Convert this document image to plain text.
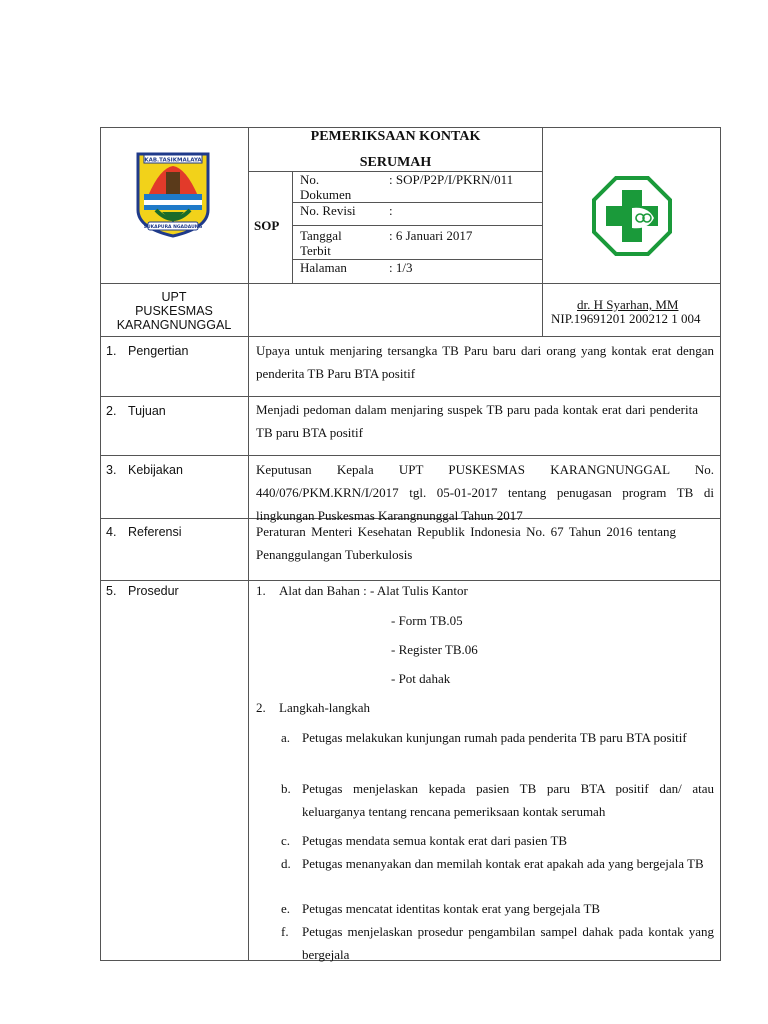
KAB.TASIKMALAYA
SUKAPURA NGADAUNG
PEMERIKSAAN KONTAK
SERUMAH
SOP
No.
Dokumen
: SOP/P2P/I/PKRN/011
No. Revisi	:
Tanggal
Terbit
: 6 Januari 2017
Halaman	: 1/3
UPT
PUSKESMAS
KARANGNUNGGAL
dr. H Syarhan, MM
NIP.19691201 200212 1 004
1. Pengertian	Upaya untuk menjaring tersangka TB Paru baru dari orang yang kontak erat dengan penderita TB Paru BTA positif
2. Tujuan	Menjadi pedoman dalam menjaring suspek TB paru pada kontak erat dari penderita TB paru BTA positif
3. Kebijakan	Keputusan Kepala UPT PUSKESMAS KARANGNUNGGAL No. 440/076/PKM.KRN/I/2017 tgl. 05-01-2017 tentang penugasan program TB di lingkungan Puskesmas Karangnunggal Tahun 2017
4. Referensi	Peraturan Menteri Kesehatan Republik Indonesia No. 67 Tahun 2016 tentang Penanggulangan Tuberkulosis
5. Prosedur	1. Alat dan Bahan : - Alat Tulis Kantor
- Form TB.05
- Register TB.06
- Pot dahak
2. Langkah-langkah
a. Petugas melakukan kunjungan rumah pada penderita TB paru BTA positif
b. Petugas menjelaskan kepada pasien TB paru BTA positif dan/ atau keluarganya tentang rencana pemeriksaan kontak serumah
c. Petugas mendata semua kontak erat dari pasien TB
d. Petugas menanyakan dan memilah kontak erat apakah ada yang bergejala TB
e. Petugas mencatat identitas kontak erat yang bergejala TB
f. Petugas menjelaskan prosedur pengambilan sampel dahak pada kontak yang bergejala
